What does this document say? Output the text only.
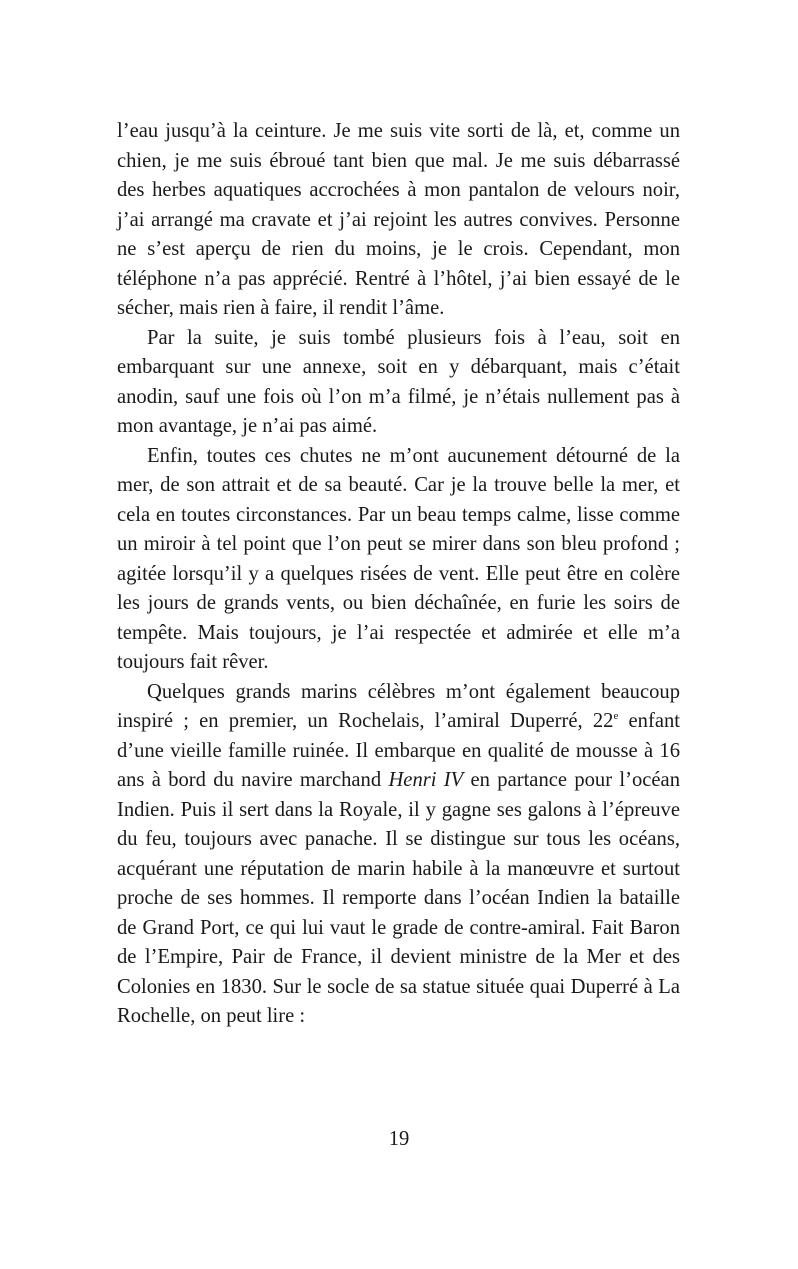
l’eau jusqu’à la ceinture. Je me suis vite sorti de là, et, comme un chien, je me suis ébroué tant bien que mal. Je me suis débarrassé des herbes aquatiques accrochées à mon pantalon de velours noir, j’ai arrangé ma cravate et j’ai rejoint les autres convives. Personne ne s’est aperçu de rien du moins, je le crois. Cependant, mon téléphone n’a pas apprécié. Rentré à l’hôtel, j’ai bien essayé de le sécher, mais rien à faire, il rendit l’âme.

Par la suite, je suis tombé plusieurs fois à l’eau, soit en embarquant sur une annexe, soit en y débarquant, mais c’était anodin, sauf une fois où l’on m’a filmé, je n’étais nullement pas à mon avantage, je n’ai pas aimé.

Enfin, toutes ces chutes ne m’ont aucunement détourné de la mer, de son attrait et de sa beauté. Car je la trouve belle la mer, et cela en toutes circonstances. Par un beau temps calme, lisse comme un miroir à tel point que l’on peut se mirer dans son bleu profond ; agitée lorsqu’il y a quelques risées de vent. Elle peut être en colère les jours de grands vents, ou bien déchaînée, en furie les soirs de tempête. Mais toujours, je l’ai respectée et admirée et elle m’a toujours fait rêver.

Quelques grands marins célèbres m’ont également beaucoup inspiré ; en premier, un Rochelais, l’amiral Duperré, 22e enfant d’une vieille famille ruinée. Il embarque en qualité de mousse à 16 ans à bord du navire marchand Henri IV en partance pour l’océan Indien. Puis il sert dans la Royale, il y gagne ses galons à l’épreuve du feu, toujours avec panache. Il se distingue sur tous les océans, acquérant une réputation de marin habile à la manœuvre et surtout proche de ses hommes. Il remporte dans l’océan Indien la bataille de Grand Port, ce qui lui vaut le grade de contre-amiral. Fait Baron de l’Empire, Pair de France, il devient ministre de la Mer et des Colonies en 1830. Sur le socle de sa statue située quai Duperré à La Rochelle, on peut lire :

19
